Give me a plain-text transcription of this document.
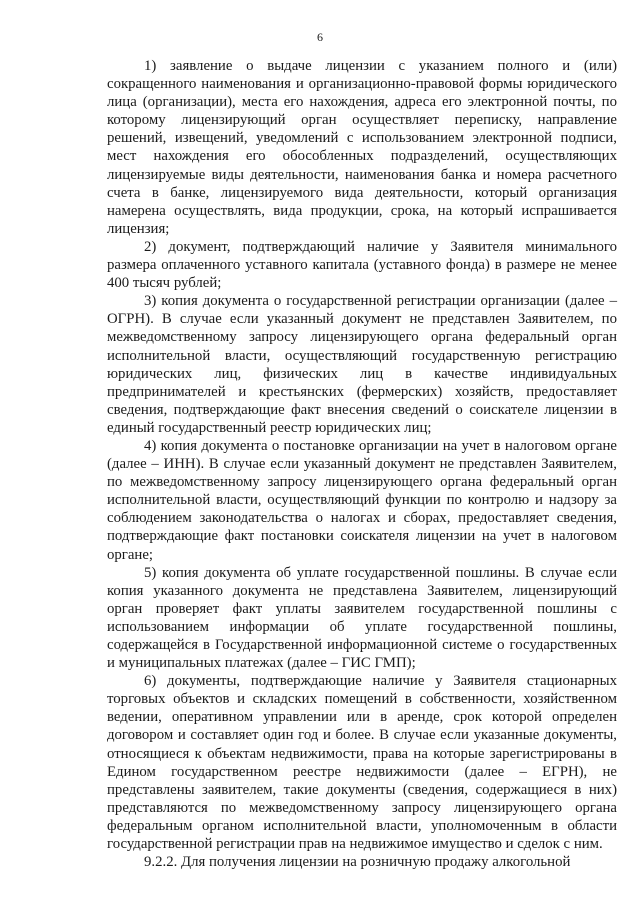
6

1) заявление о выдаче лицензии с указанием полного и (или) сокращенного наименования и организационно-правовой формы юридического лица (организации), места его нахождения, адреса его электронной почты, по которому лицензирующий орган осуществляет переписку, направление решений, извещений, уведомлений с использованием электронной подписи, мест нахождения его обособленных подразделений, осуществляющих лицензируемые виды деятельности, наименования банка и номера расчетного счета в банке, лицензируемого вида деятельности, который организация намерена осуществлять, вида продукции, срока, на который испрашивается лицензия;

2) документ, подтверждающий наличие у Заявителя минимального размера оплаченного уставного капитала (уставного фонда) в размере не менее 400 тысяч рублей;

3) копия документа о государственной регистрации организации (далее – ОГРН). В случае если указанный документ не представлен Заявителем, по межведомственному запросу лицензирующего органа федеральный орган исполнительной власти, осуществляющий государственную регистрацию юридических лиц, физических лиц в качестве индивидуальных предпринимателей и крестьянских (фермерских) хозяйств, предоставляет сведения, подтверждающие факт внесения сведений о соискателе лицензии в единый государственный реестр юридических лиц;

4) копия документа о постановке организации на учет в налоговом органе (далее – ИНН). В случае если указанный документ не представлен Заявителем, по межведомственному запросу лицензирующего органа федеральный орган исполнительной власти, осуществляющий функции по контролю и надзору за соблюдением законодательства о налогах и сборах, предоставляет сведения, подтверждающие факт постановки соискателя лицензии на учет в налоговом органе;

5) копия документа об уплате государственной пошлины. В случае если копия указанного документа не представлена Заявителем, лицензирующий орган проверяет факт уплаты заявителем государственной пошлины с использованием информации об уплате государственной пошлины, содержащейся в Государственной информационной системе о государственных и муниципальных платежах (далее – ГИС ГМП);

6) документы, подтверждающие наличие у Заявителя стационарных торговых объектов и складских помещений в собственности, хозяйственном ведении, оперативном управлении или в аренде, срок которой определен договором и составляет один год и более. В случае если указанные документы, относящиеся к объектам недвижимости, права на которые зарегистрированы в Едином государственном реестре недвижимости (далее – ЕГРН), не представлены заявителем, такие документы (сведения, содержащиеся в них) представляются по межведомственному запросу лицензирующего органа федеральным органом исполнительной власти, уполномоченным в области государственной регистрации прав на недвижимое имущество и сделок с ним.

9.2.2. Для получения лицензии на розничную продажу алкогольной
